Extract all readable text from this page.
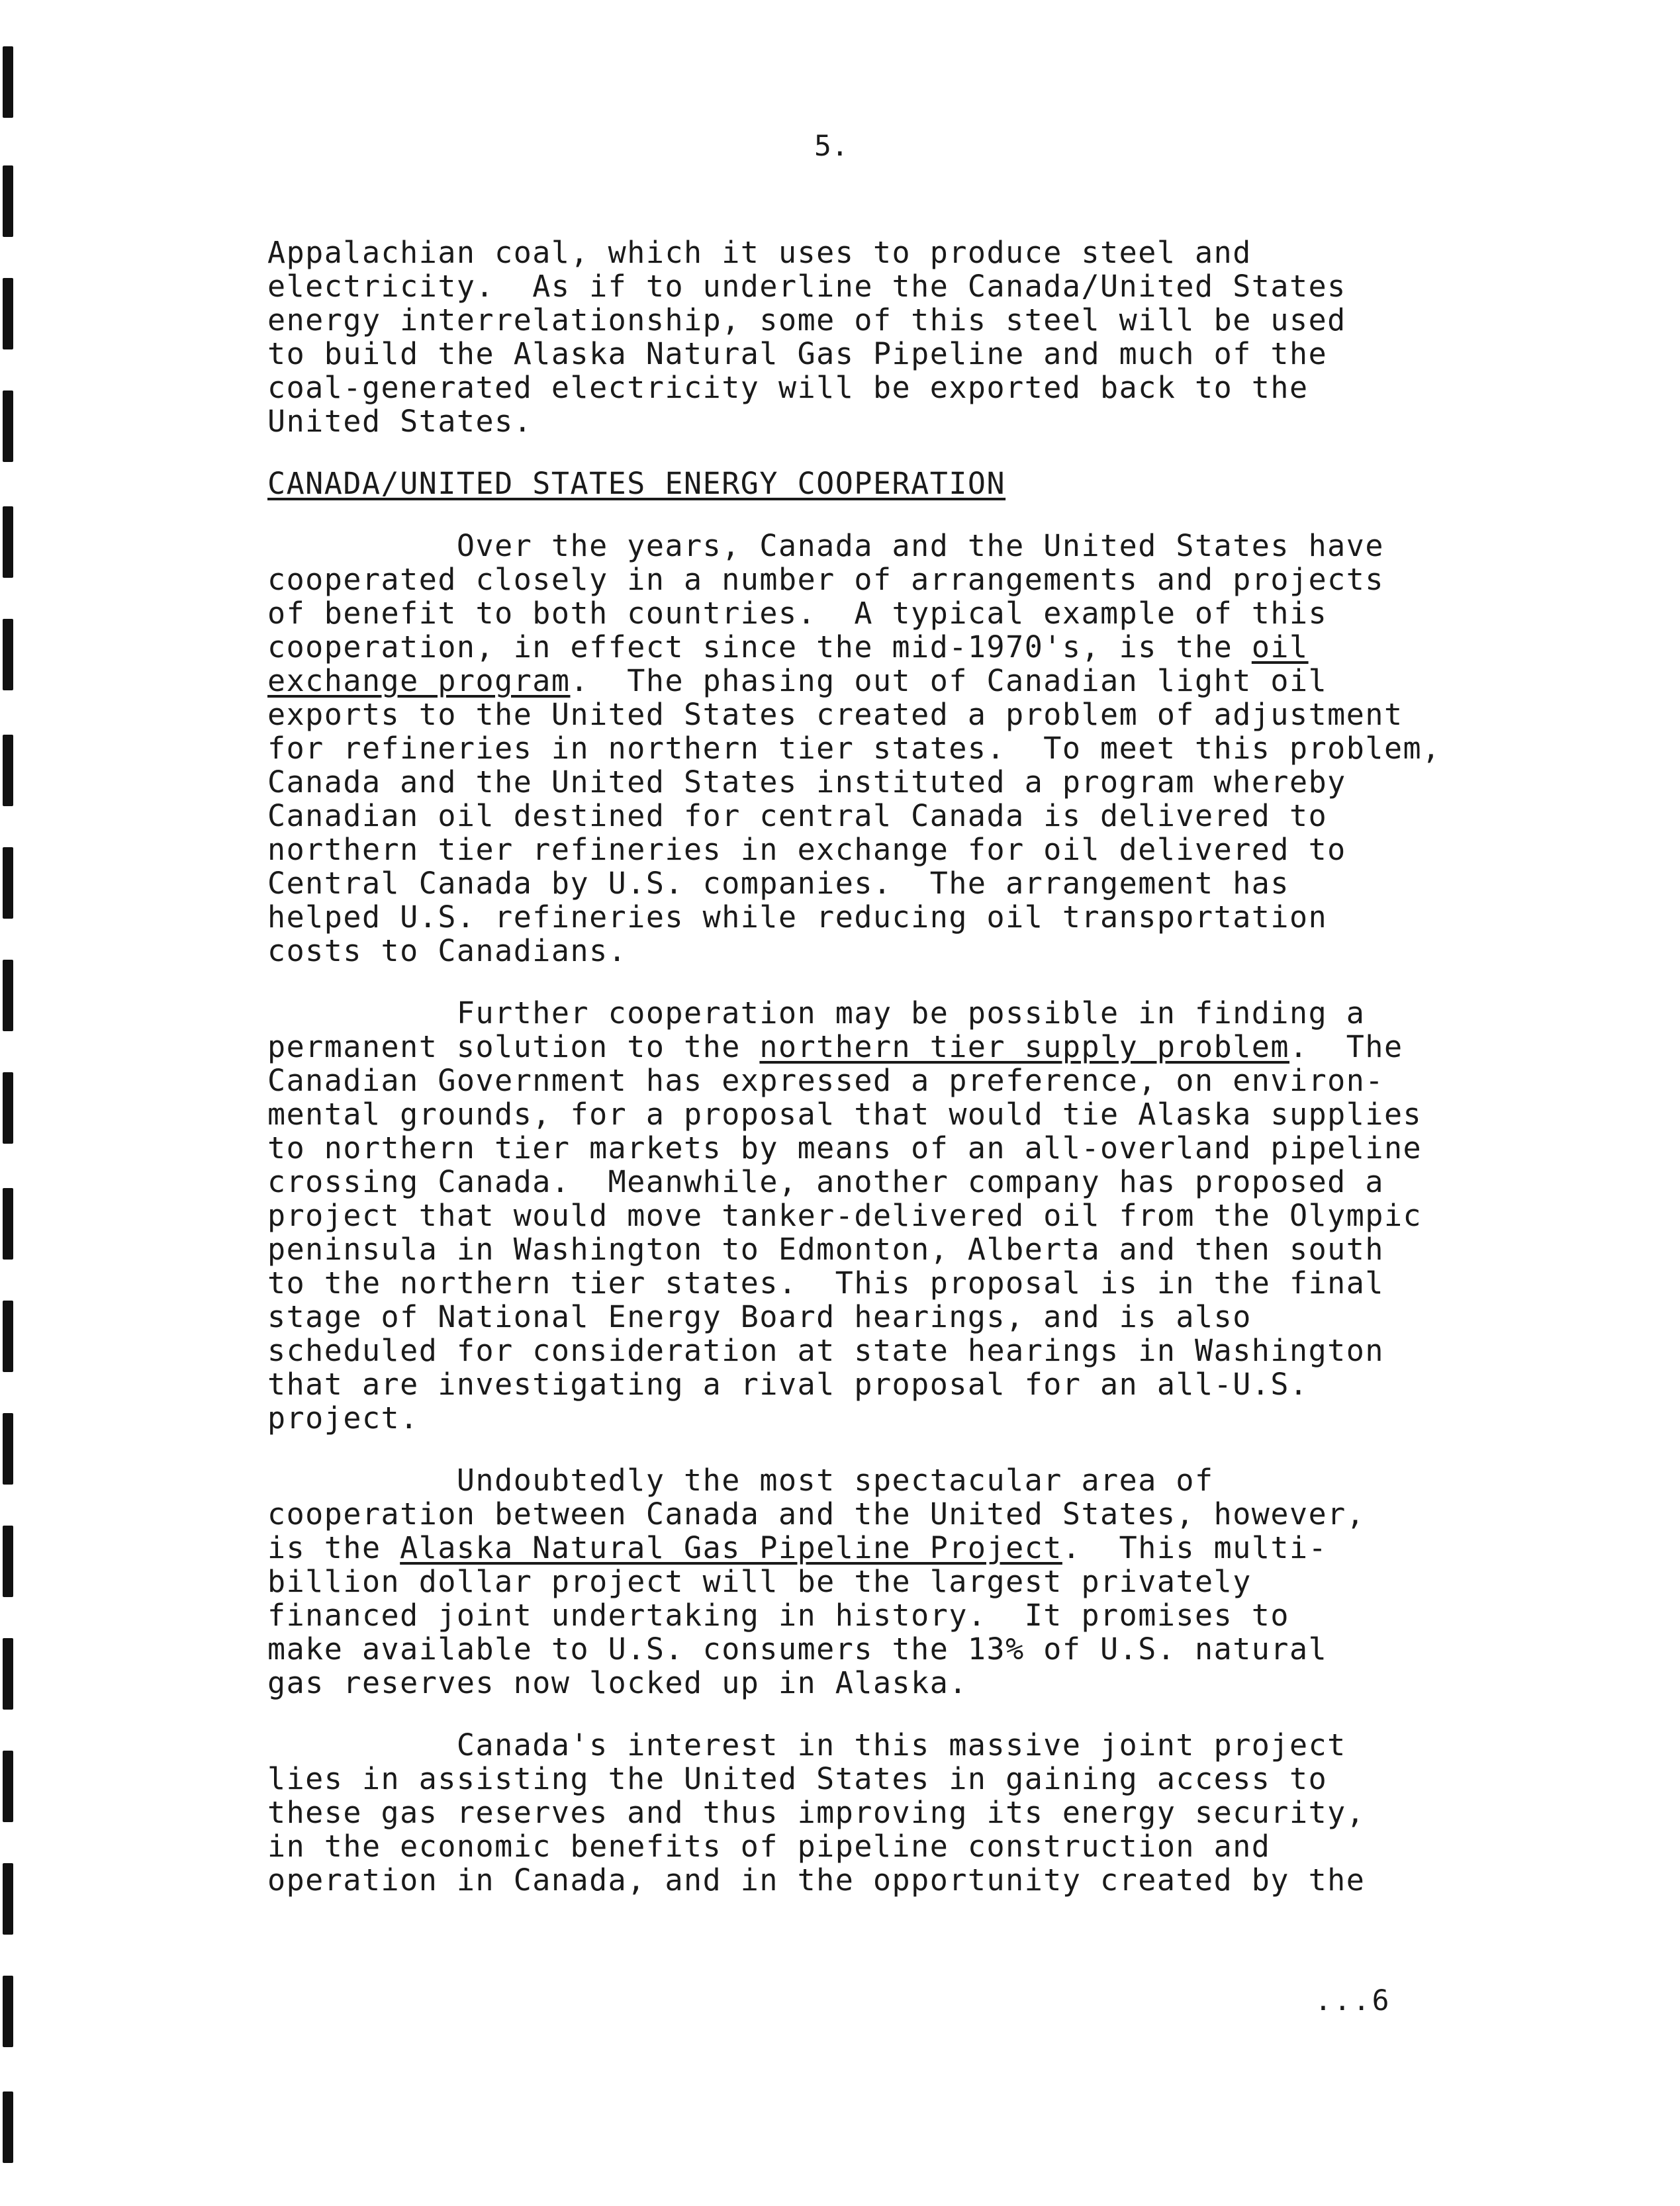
5.
Appalachian coal, which it uses to produce steel and
electricity.  As if to underline the Canada/United States
energy interrelationship, some of this steel will be used
to build the Alaska Natural Gas Pipeline and much of the
coal-generated electricity will be exported back to the
United States.
CANADA/UNITED STATES ENERGY COOPERATION
Over the years, Canada and the United States have
cooperated closely in a number of arrangements and projects
of benefit to both countries.  A typical example of this
cooperation, in effect since the mid-1970's, is the oil
exchange program.  The phasing out of Canadian light oil
exports to the United States created a problem of adjustment
for refineries in northern tier states.  To meet this problem,
Canada and the United States instituted a program whereby
Canadian oil destined for central Canada is delivered to
northern tier refineries in exchange for oil delivered to
Central Canada by U.S. companies.  The arrangement has
helped U.S. refineries while reducing oil transportation
costs to Canadians.
Further cooperation may be possible in finding a
permanent solution to the northern tier supply problem.  The
Canadian Government has expressed a preference, on environ-
mental grounds, for a proposal that would tie Alaska supplies
to northern tier markets by means of an all-overland pipeline
crossing Canada.  Meanwhile, another company has proposed a
project that would move tanker-delivered oil from the Olympic
peninsula in Washington to Edmonton, Alberta and then south
to the northern tier states.  This proposal is in the final
stage of National Energy Board hearings, and is also
scheduled for consideration at state hearings in Washington
that are investigating a rival proposal for an all-U.S.
project.
Undoubtedly the most spectacular area of
cooperation between Canada and the United States, however,
is the Alaska Natural Gas Pipeline Project.  This multi-
billion dollar project will be the largest privately
financed joint undertaking in history.  It promises to
make available to U.S. consumers the 13% of U.S. natural
gas reserves now locked up in Alaska.
Canada's interest in this massive joint project
lies in assisting the United States in gaining access to
these gas reserves and thus improving its energy security,
in the economic benefits of pipeline construction and
operation in Canada, and in the opportunity created by the
...6
